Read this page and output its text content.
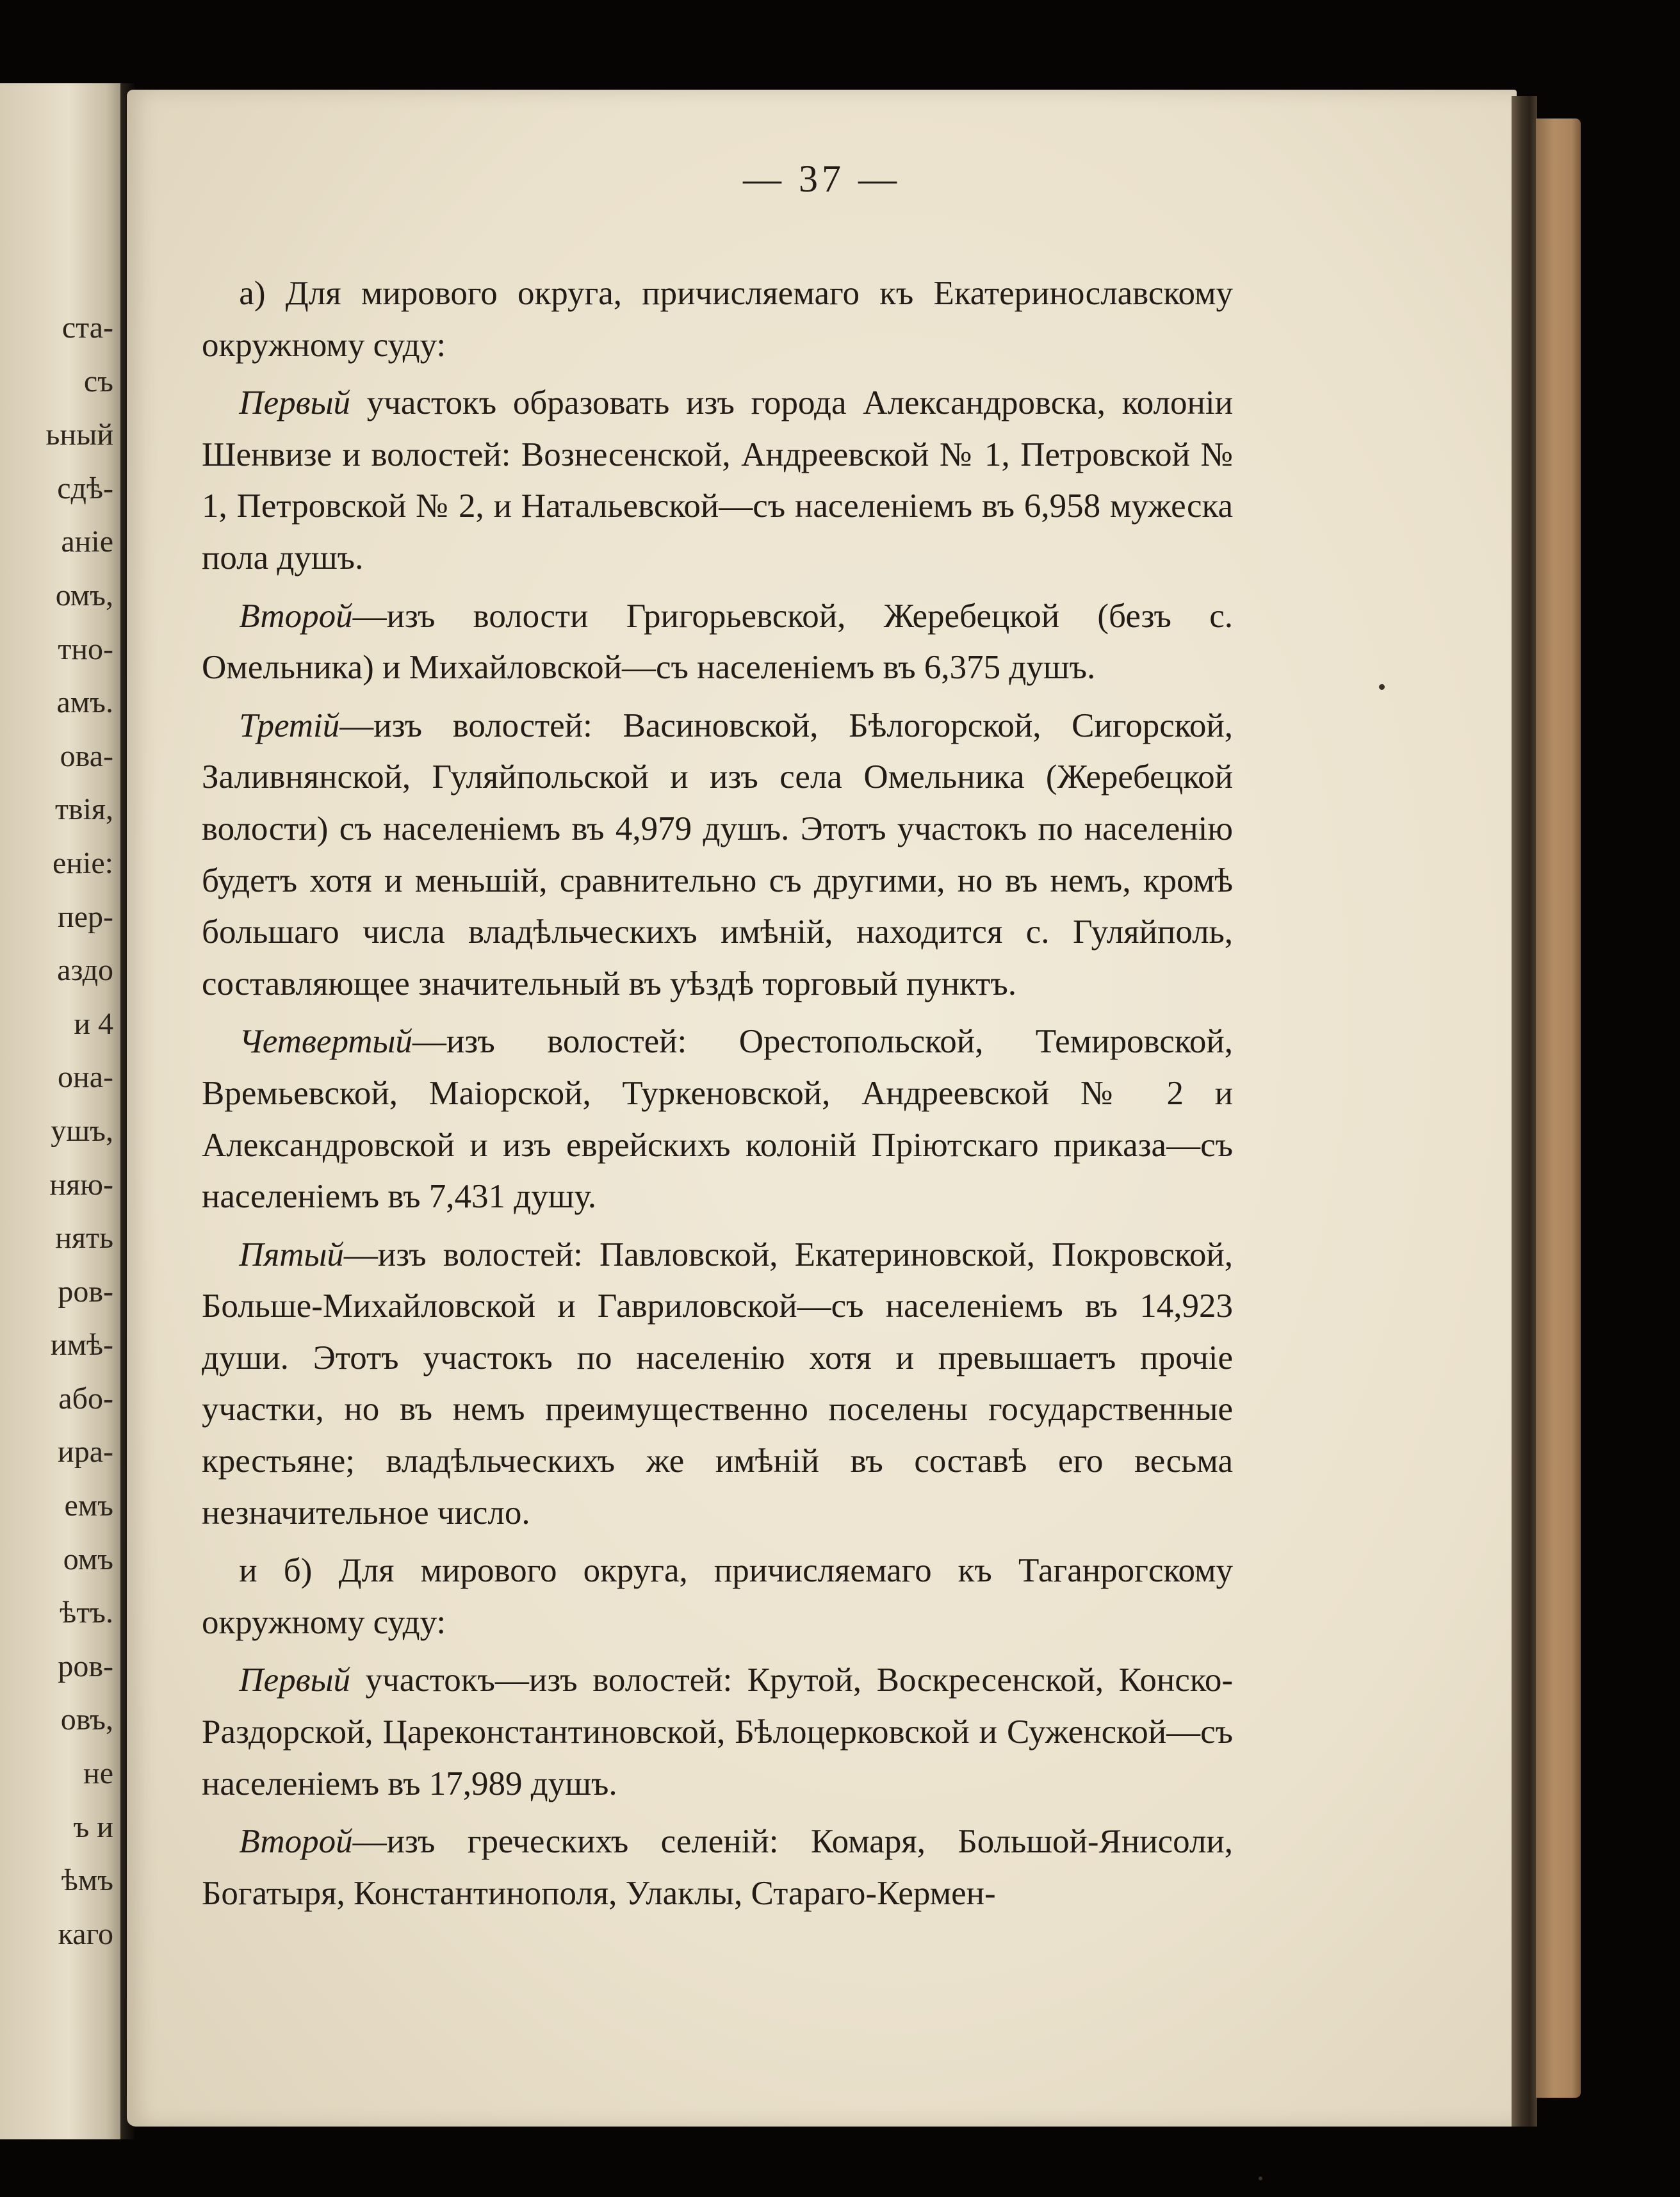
ста-
съ
ьный
сдѣ-
аніе
омъ,
тно-
амъ.
ова-
твія,
еніе:
пер-
аздо
и 4
она-
ушъ,
няю-
нять
ров-
имѣ-
або-
ира-
емъ
омъ
ѣтъ.
ров-
овъ,
не
ъ и
ѣмъ
каго
— 37 —

а) Для мирового округа, причисляемаго къ Екатеринославскому окружному суду:

Первый участокъ образовать изъ города Александровска, колоніи Шенвизе и волостей: Вознесенской, Андреевской № 1, Петровской № 1, Петровской № 2, и Натальевской—съ населеніемъ въ 6,958 мужеска пола душъ.

Второй—изъ волости Григорьевской, Жеребецкой (безъ с. Омельника) и Михайловской—съ населеніемъ въ 6,375 душъ.

Третій—изъ волостей: Васиновской, Бѣлогорской, Сигорской, Заливнянской, Гуляйпольской и изъ села Омельника (Жеребецкой волости) съ населеніемъ въ 4,979 душъ. Этотъ участокъ по населенію будетъ хотя и меньшій, сравнительно съ другими, но въ немъ, кромѣ большаго числа владѣльческихъ имѣній, находится с. Гуляйполь, составляющее значительный въ уѣздѣ торговый пунктъ.

Четвертый—изъ волостей: Орестопольской, Темировской, Времьевской, Маіорской, Туркеновской, Андреевской № 2 и Александровской и изъ еврейскихъ колоній Пріютскаго приказа—съ населеніемъ въ 7,431 душу.

Пятый—изъ волостей: Павловской, Екатериновской, Покровской, Больше-Михайловской и Гавриловской—съ населеніемъ въ 14,923 души. Этотъ участокъ по населенію хотя и превышаетъ прочіе участки, но въ немъ преимущественно поселены государственные крестьяне; владѣльческихъ же имѣній въ составѣ его весьма незначительное число.

и б) Для мирового округа, причисляемаго къ Таганрогскому окружному суду:

Первый участокъ—изъ волостей: Крутой, Воскресенской, Конско-Раздорской, Цареконстантиновской, Бѣлоцерковской и Суженской—съ населеніемъ въ 17,989 душъ.

Второй—изъ греческихъ селеній: Комаря, Большой-Янисоли, Богатыря, Константинополя, Улаклы, Стараго-Кермен-
